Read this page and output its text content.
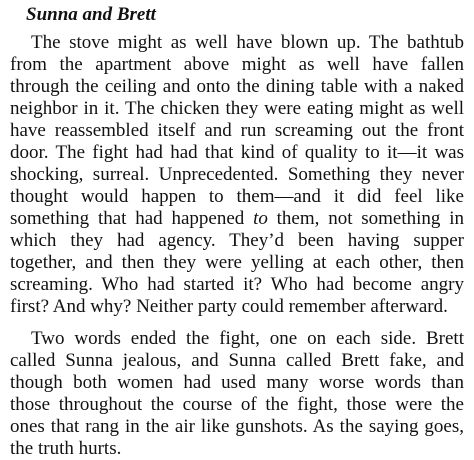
Sunna and Brett

The stove might as well have blown up. The bathtub from the apartment above might as well have fallen through the ceiling and onto the dining table with a naked neighbor in it. The chicken they were eating might as well have reassembled itself and run screaming out the front door. The fight had had that kind of quality to it—it was shocking, surreal. Unprecedented. Something they never thought would happen to them—and it did feel like something that had happened to them, not something in which they had agency. They’d been having supper together, and then they were yelling at each other, then screaming. Who had started it? Who had become angry first? And why? Neither party could remember afterward.

Two words ended the fight, one on each side. Brett called Sunna jealous, and Sunna called Brett fake, and though both women had used many worse words than those throughout the course of the fight, those were the ones that rang in the air like gunshots. As the saying goes, the truth hurts.
